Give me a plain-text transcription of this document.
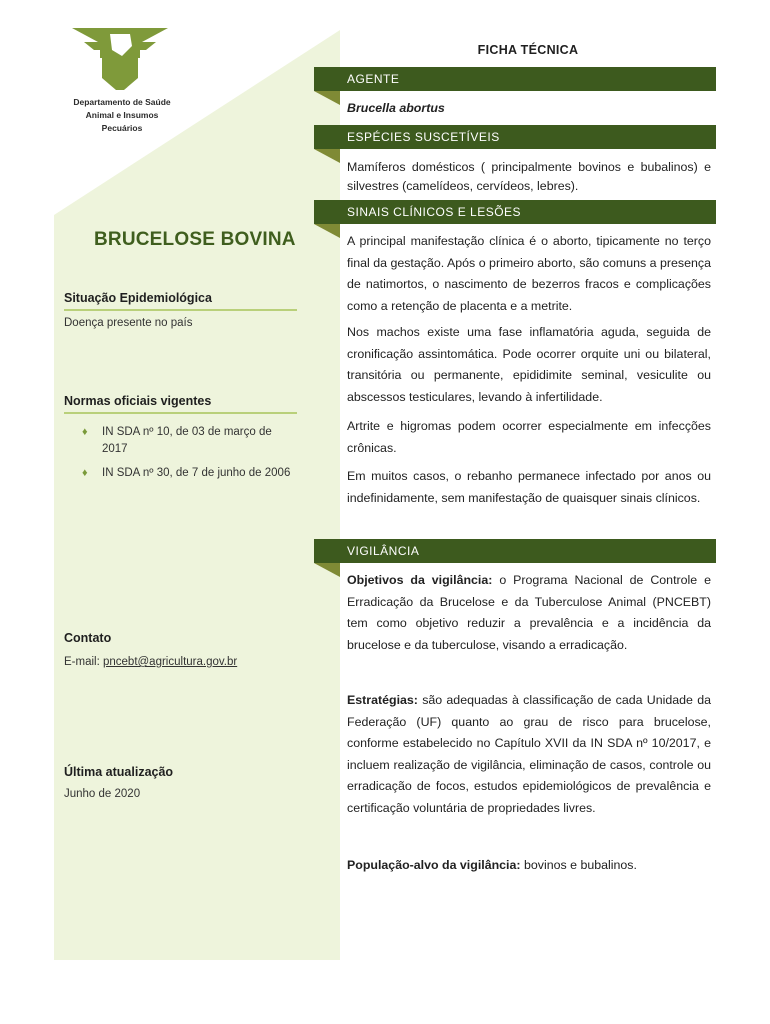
Departamento de Saúde
Animal e Insumos
Pecuários
BRUCELOSE BOVINA
Situação Epidemiológica
Doença presente no país
Normas oficiais vigentes
♦ IN SDA nº 10, de 03 de março de
2017
♦ IN SDA nº 30, de 7 de junho de 2006
Contato
E-mail: pncebt@agricultura.gov.br
Última atualização
Junho de 2020
FICHA TÉCNICA
AGENTE
Brucella abortus
ESPÉCIES SUSCETÍVEIS
Mamíferos domésticos ( principalmente bovinos e bubalinos) e silvestres (camelídeos, cervídeos, lebres).
SINAIS CLÍNICOS E LESÕES
A principal manifestação clínica é o aborto, tipicamente no terço final da gestação. Após o primeiro aborto, são comuns a presença de natimortos, o nascimento de bezerros fracos e complicações como a retenção de placenta e a metrite.
Nos machos existe uma fase inflamatória aguda, seguida de cronificação assintomática. Pode ocorrer orquite uni ou bilateral, transitória ou permanente, epididimite seminal, vesiculite ou abscessos testiculares, levando à infertilidade.
Artrite e higromas podem ocorrer especialmente em infecções crônicas.
Em muitos casos, o rebanho permanece infectado por anos ou indefinidamente, sem manifestação de quaisquer sinais clínicos.
VIGILÂNCIA
Objetivos da vigilância: o Programa Nacional de Controle e Erradicação da Brucelose e da Tuberculose Animal (PNCEBT) tem como objetivo reduzir a prevalência e a incidência da brucelose e da tuberculose, visando a erradicação.
Estratégias: são adequadas à classificação de cada Unidade da Federação (UF) quanto ao grau de risco para brucelose, conforme estabelecido no Capítulo XVII da IN SDA nº 10/2017, e incluem realização de vigilância, eliminação de casos, controle ou erradicação de focos, estudos epidemiológicos de prevalência e certificação voluntária de propriedades livres.
População-alvo da vigilância: bovinos e bubalinos.
